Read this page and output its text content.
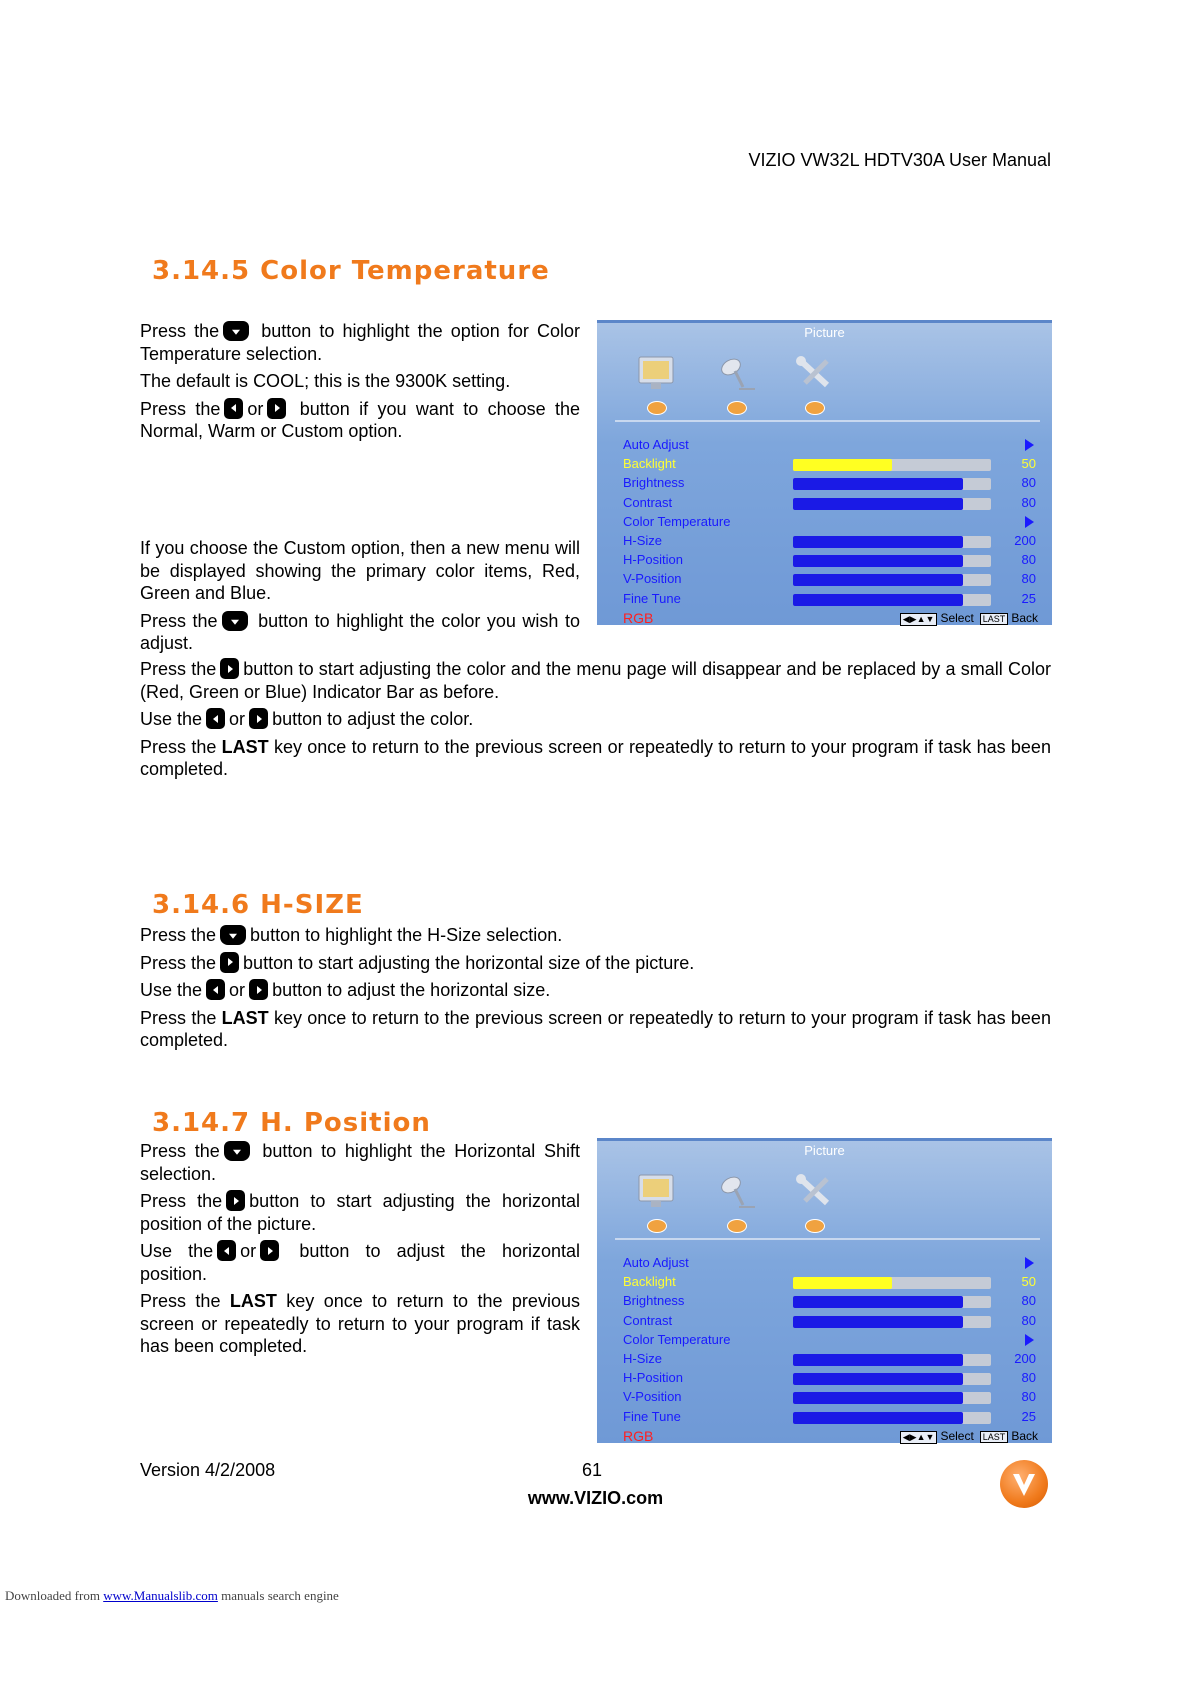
VIZIO VW32L HDTV30A User Manual
3.14.5 Color Temperature

Press the button to highlight the option for Color Temperature selection.

The default is COOL; this is the 9300K setting.

Press the or button if you want to choose the Normal, Warm or Custom option.

If you choose the Custom option, then a new menu will be displayed showing the primary color items, Red, Green and Blue.

Press the button to highlight the color you wish to adjust.

Press the button to start adjusting the color and the menu page will disappear and be replaced by a small Color (Red, Green or Blue) Indicator Bar as before.

Use the or button to adjust the color.

Press the LAST key once to return to the previous screen or repeatedly to return to your program if task has been completed.

Picture
Auto Adjust
Backlight	50
Brightness	80
Contrast	80
Color Temperature
H-Size	200
H-Position	80
V-Position	80
Fine Tune	25
RGB	◀▶▲▼ Select LAST Back
3.14.6 H-SIZE

Press the button to highlight the H-Size selection.

Press the button to start adjusting the horizontal size of the picture.

Use the or button to adjust the horizontal size.

Press the LAST key once to return to the previous screen or repeatedly to return to your program if task has been completed.

3.14.7 H. Position

Press the button to highlight the Horizontal Shift selection.

Press the button to start adjusting the horizontal position of the picture.

Use the or button to adjust the horizontal position.

Press the LAST key once to return to the previous screen or repeatedly to return to your program if task has been completed.

Picture
Auto Adjust
Backlight	50
Brightness	80
Contrast	80
Color Temperature
H-Size	200
H-Position	80
V-Position	80
Fine Tune	25
RGB	◀▶▲▼ Select LAST Back
Version 4/2/2008	61
www.VIZIO.com
Downloaded from www.Manualslib.com manuals search engine
